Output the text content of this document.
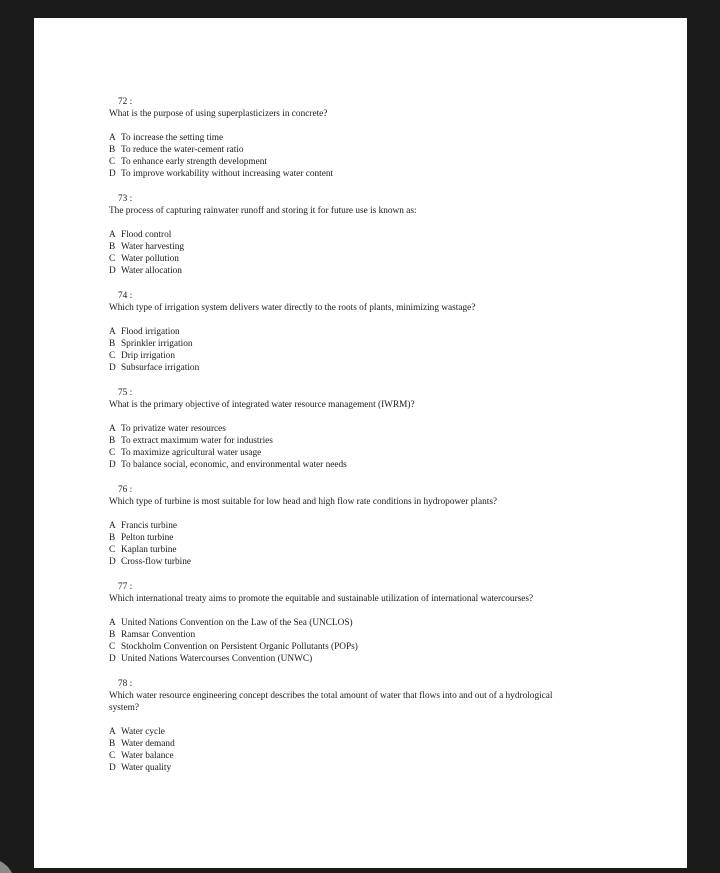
72 :
What is the purpose of using superplasticizers in concrete?
A To increase the setting time
B To reduce the water-cement ratio
C To enhance early strength development
D To improve workability without increasing water content
73 :
The process of capturing rainwater runoff and storing it for future use is known as:
A Flood control
B Water harvesting
C Water pollution
D Water allocation
74 :
Which type of irrigation system delivers water directly to the roots of plants, minimizing wastage?
A Flood irrigation
B Sprinkler irrigation
C Drip irrigation
D Subsurface irrigation
75 :
What is the primary objective of integrated water resource management (IWRM)?
A To privatize water resources
B To extract maximum water for industries
C To maximize agricultural water usage
D To balance social, economic, and environmental water needs
76 :
Which type of turbine is most suitable for low head and high flow rate conditions in hydropower plants?
A Francis turbine
B Pelton turbine
C Kaplan turbine
D Cross-flow turbine
77 :
Which international treaty aims to promote the equitable and sustainable utilization of international watercourses?
A United Nations Convention on the Law of the Sea (UNCLOS)
B Ramsar Convention
C Stockholm Convention on Persistent Organic Pollutants (POPs)
D United Nations Watercourses Convention (UNWC)
78 :
Which water resource engineering concept describes the total amount of water that flows into and out of a hydrological system?
A Water cycle
B Water demand
C Water balance
D Water quality
